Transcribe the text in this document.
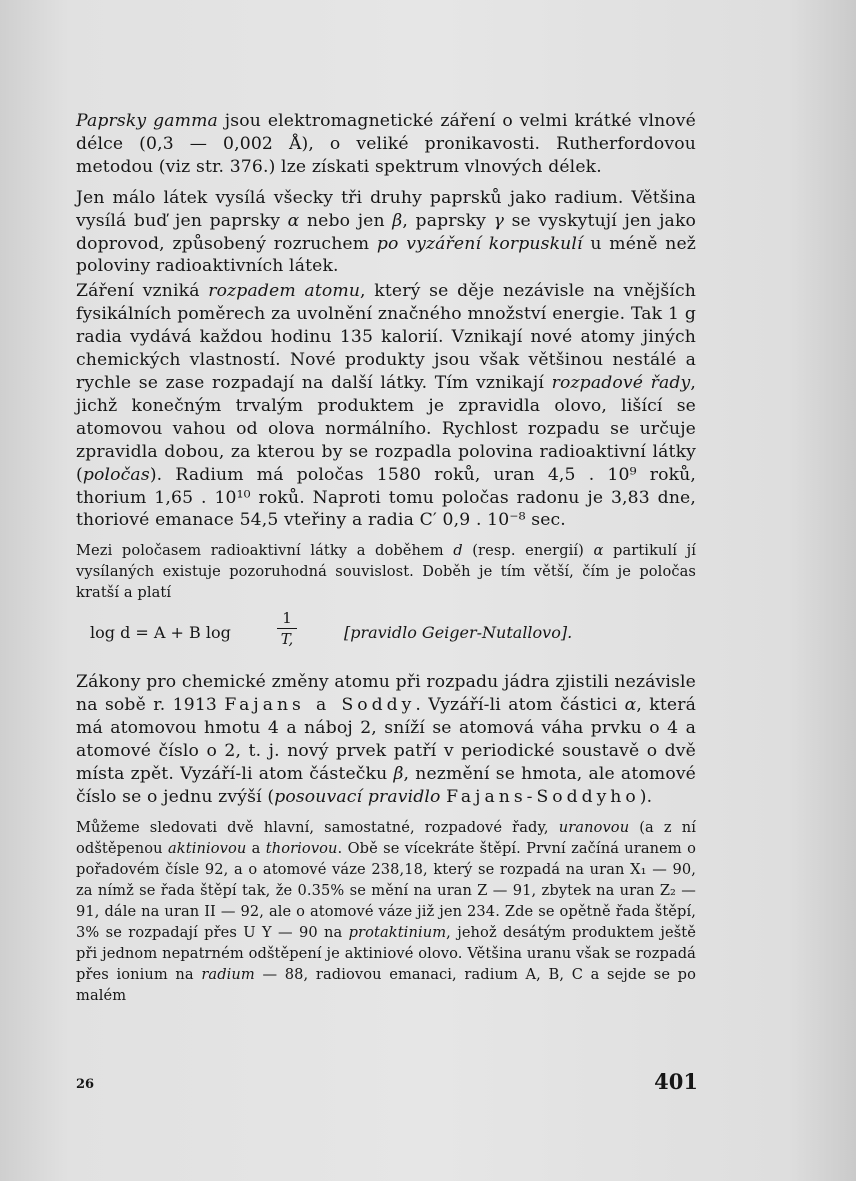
Paprsky gamma jsou elektromagnetické záření o velmi krátké vlnové délce (0,3 — 0,002 Å), o veliké pronikavosti. Rutherfordovou metodou (viz str. 376.) lze získati spektrum vlnových délek.

Jen málo látek vysílá všecky tři druhy paprsků jako radium. Většina vysílá buď jen paprsky α nebo jen β, paprsky γ se vyskytují jen jako doprovod, způsobený rozruchem po vyzáření korpuskulí u méně než poloviny radioaktivních látek.

Záření vzniká rozpadem atomu, který se děje nezávisle na vnějších fysikálních poměrech za uvolnění značného množství energie. Tak 1 g radia vydává každou hodinu 135 kalorií. Vznikají nové atomy jiných chemických vlastností. Nové produkty jsou však většinou nestálé a rychle se zase rozpadají na další látky. Tím vznikají rozpadové řady, jichž konečným trvalým produktem je zpravidla olovo, lišící se atomovou vahou od olova normálního. Rychlost rozpadu se určuje zpravidla dobou, za kterou by se rozpadla polovina radioaktivní látky (poločas). Radium má poločas 1580 roků, uran 4,5 . 10⁹ roků, thorium 1,65 . 10¹⁰ roků. Naproti tomu poločas radonu je 3,83 dne, thoriové emanace 54,5 vteřiny a radia C′ 0,9 . 10⁻⁸ sec.

Mezi poločasem radioaktivní látky a doběhem d (resp. energií) α partikulí jí vysílaných existuje pozoruhodná souvislost. Doběh je tím větší, čím je poločas kratší a platí

log d = A + B log
1
T,	[pravidlo Geiger-Nutallovo].

Zákony pro chemické změny atomu při rozpadu jádra zjistili nezávisle na sobě r. 1913 Fajans a Soddy. Vyzáří-li atom částici α, která má atomovou hmotu 4 a náboj 2, sníží se atomová váha prvku o 4 a atomové číslo o 2, t. j. nový prvek patří v periodické soustavě o dvě místa zpět. Vyzáří-li atom částečku β, nezmění se hmota, ale atomové číslo se o jednu zvýší (posouvací pravidlo Fajans-Soddyho).

Můžeme sledovati dvě hlavní, samostatné, rozpadové řady, uranovou (a z ní odštěpenou aktiniovou a thoriovou. Obě se vícekráte štěpí. První začíná uranem o pořadovém čísle 92, a o atomové váze 238,18, který se rozpadá na uran X₁ — 90, za nímž se řada štěpí tak, že 0.35% se mění na uran Z — 91, zbytek na uran Z₂ — 91, dále na uran II — 92, ale o atomové váze již jen 234. Zde se opětně řada štěpí, 3% se rozpadají přes U Y — 90 na protaktinium, jehož desátým produktem ještě při jednom nepatrném odštěpení je aktiniové olovo. Většina uranu však se rozpadá přes ionium na radium — 88, radiovou emanaci, radium A, B, C a sejde se po malém

26	401
